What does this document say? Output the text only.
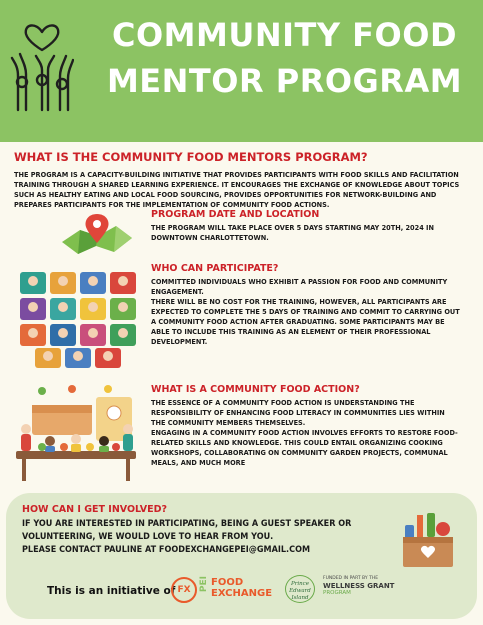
COMMUNITY FOOD
MENTOR PROGRAM
WHAT IS THE COMMUNITY FOOD MENTORS PROGRAM?
THE PROGRAM IS A CAPACITY-BUILDING INITIATIVE THAT PROVIDES PARTICIPANTS WITH FOOD SKILLS AND FACILITATION TRAINING THROUGH A SHARED LEARNING EXPERIENCE. IT ENCOURAGES THE EXCHANGE OF KNOWLEDGE ABOUT TOPICS SUCH AS HEALTHY EATING AND LOCAL FOOD SOURCING, PROVIDES OPPORTUNITIES FOR NETWORK-BUILDING AND PREPARES PARTICIPANTS FOR THE IMPLEMENTATION OF COMMUNITY FOOD ACTIONS.
PROGRAM DATE AND LOCATION
THE PROGRAM WILL TAKE PLACE OVER 5 DAYS STARTING MAY 20TH, 2024 IN DOWNTOWN CHARLOTTETOWN.
WHO CAN PARTICIPATE?
COMMITTED INDIVIDUALS WHO EXHIBIT A PASSION FOR FOOD AND COMMUNITY ENGAGEMENT.
THERE WILL BE NO COST FOR THE TRAINING, HOWEVER, ALL PARTICIPANTS ARE EXPECTED TO COMPLETE THE 5 DAYS OF TRAINING AND COMMIT TO CARRYING OUT A COMMUNITY FOOD ACTION AFTER GRADUATING. SOME PARTICIPANTS MAY BE ABLE TO INCLUDE THIS TRAINING AS AN ELEMENT OF THEIR PROFESSIONAL DEVELOPMENT.
WHAT IS A COMMUNITY FOOD ACTION?
THE ESSENCE OF A COMMUNITY FOOD ACTION IS UNDERSTANDING THE RESPONSIBILITY OF ENHANCING FOOD LITERACY IN COMMUNITIES LIES WITHIN THE COMMUNITY MEMBERS THEMSELVES.
ENGAGING IN A COMMUNITY FOOD ACTION INVOLVES EFFORTS TO RESTORE FOOD-RELATED SKILLS AND KNOWLEDGE. THIS COULD ENTAIL ORGANIZING COOKING WORKSHOPS, COLLABORATING ON COMMUNITY GARDEN PROJECTS, COMMUNAL MEALS, AND MUCH MORE
HOW CAN I GET INVOLVED?
IF YOU ARE INTERESTED IN PARTICIPATING, BEING A GUEST SPEAKER OR
VOLUNTEERING, WE WOULD LOVE TO HEAR FROM YOU.
PLEASE CONTACT PAULINE AT FOODEXCHANGEPEI@GMAIL.COM
This is an initiative of FX PEI FOOD
EXCHANGE
Prince Edward Island
FUNDED IN PART BY THE
WELLNESS GRANT
PROGRAM
